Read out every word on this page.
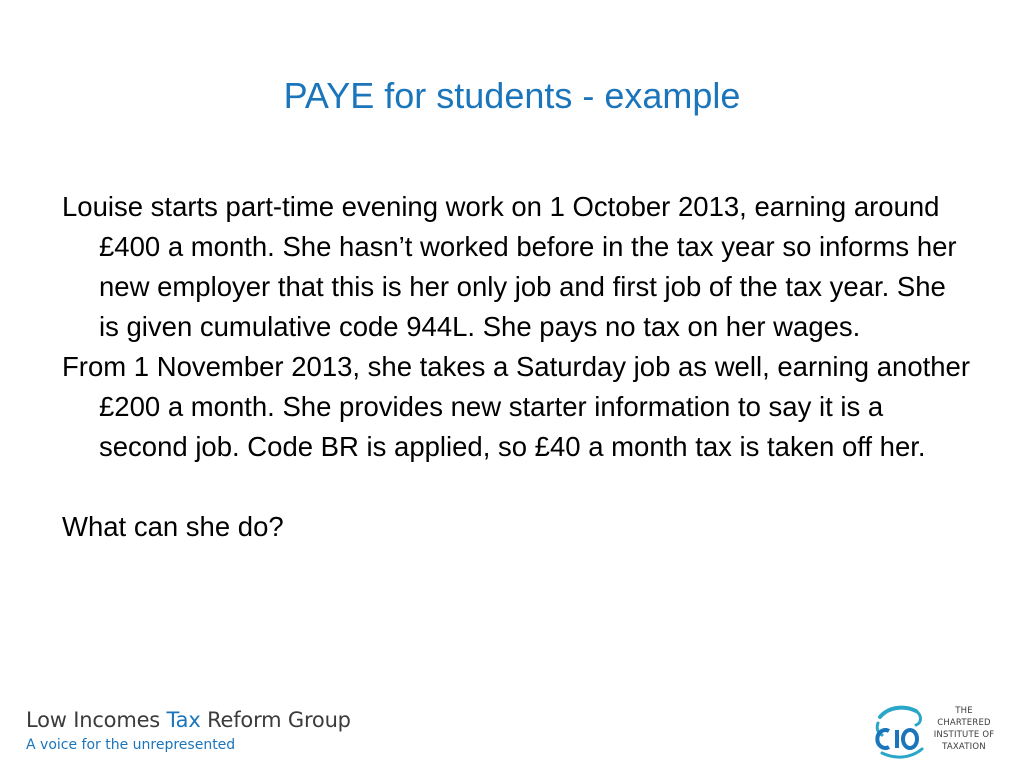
PAYE for students - example

Louise starts part-time evening work on 1 October 2013, earning around £400 a month. She hasn’t worked before in the tax year so informs her new employer that this is her only job and first job of the tax year. She is given cumulative code 944L. She pays no tax on her wages.

From 1 November 2013, she takes a Saturday job as well, earning another £200 a month. She provides new starter information to say it is a second job. Code BR is applied, so £40 a month tax is taken off her.

What can she do?

Low Incomes Tax Reform Group
A voice for the unrepresented
THE
CHARTERED
INSTITUTE OF
TAXATION
